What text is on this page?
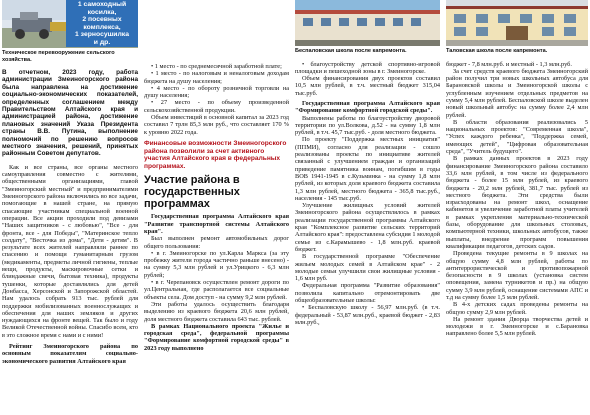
1 самоходный
косилка,
2 посевных
комплекса,
1 зерносушилка
и др.
Техническое перевооружение сельского хозяйства.
В отчетном, 2023 году, работа администрации Змеиногорского района была направлена на достижение социально-экономических показателей, определенных соглашением между Правительством Алтайского края и администрацией района, достижение плановых значений Указа Президента страны В.В. Путина, выполнение полномочий по решению вопросов местного значения, решений, принятых районным Советом депутатов.

Как и все страны, все органы местного самоуправления совместно с жителями, общественными организациями, главой "Змеиногорский местный" и предпринимателями Змеиногорского района включились во все задачи, помогающие в нашей стране, на прямую спасающие участникам специальной военной операции. Все акции проходили под девизами "Наших защитников - с любовью", "Все - для фронта, все - для Победы", "Материнское тепло солдату", "Весточка из дома", "Дети - детям". В результате всех жителей направляли раннее по спасению и помощи гуманитарным грузом (медикаменты, предметы личной гигиены, теплые вещи, продукты, маскировочные сетки и блиндажные свечи, бытовая техника), продукты тушенки, которые доставлялись для детей Донбасса, Херсонской и Запорожской областей. Нам удалось собрать 913 тыс. рублей для поддержки мобилизованных военнослужащих и обеспечения для наших земляков и других нуждающихся на фронте вещей. Так было и году Великой Отечественной войны. Спасибо всем, кто в это сложное время с нами и с ними!

Рейтинг Змеиногорского района по основным показателям социально-экономического развития Алтайского края

• 1 место - по среднемесячной заработной плате;

• 1 место - по налоговым и неналоговым доходам бюджета на душу населения;

• 4 место - по обороту розничной торговли на душу населения;

• 27 место - по объему произведенной сельскохозяйственной продукции.

Объем инвестиций в основной капитал за 2023 год составил 7 трлн 85,3 млн руб., что составляет 170 % к уровню 2022 года.

Финансовые возможности Змеиногорского района позволили за счет активного участия Алтайского края в федеральных программах.
Участие района в государственных программах

Государственная программа Алтайского края "Развитие транспортной системы Алтайского края".

Был выполнен ремонт автомобильных дорог общего пользования:

• в г. Змеиногорске по ул.Карла Маркса (за эту пробежку жители города частично раньше внесено) - на сумму 5,3 млн рублей и ул.Урицкого - 6,3 млн рублей;

• в г. Черепановск осуществлен ремонт дороги по ул.Центральная, где располагается все социальные объекты села. Дом доступ - на сумму 9,2 млн рублей.

Эти работы удалось осуществить благодаря выделению из краевого бюджета 20,6 млн рублей, доля местного бюджета составила 643 тыс. рублей.

В рамках Национального проекта "Жилье и городская среда", федеральной программы "Формирование комфортной городской среды" в 2023 году выполнено

Беспаловская школа после капремонта.

• благоустройству детской спортивно-игровой площадки и пешеходной зоны в г. Змеиногорске.

Объем финансирования двух проектов составил 10,5 млн рублей, в т.ч. местный бюджет 315,04 тыс.руб.

Государственная программа Алтайского края "Формирование комфортной городской среды".

Выполнены работы по благоустройству дворовой территории по ул.Волкова, д.52 - на сумму 1,8 млн рублей, в т.ч. 45,7 тыс.руб. - доля местного бюджета.

По проекту "Поддержка местных инициатив" (ППМИ), согласно для реализации - сошло реализованы проекты по инициативе жителей связанный с улучшением граждан и организаций приведение памятника воинам, погибшим в годы ВОВ 1941-1945 в с.Кузьминка - на сумму 1,8 млн рублей, из которых доля краевого бюджета составила 1,3 млн рублей, местного бюджета - 365,8 тыс.руб., населения - 145 тыс.руб.

Улучшение жилищных условий жителей Змеиногорского района осуществлялось в рамках реализации государственной программы Алтайского края "Комплексное развитие сельских территорий Алтайского края": предоставлена субсидия 1 молодой семье из с.Карамышево - 1,8 млн.руб. краевой бюджет.

В государственной программе "Обеспечение жильем молодых семей в Алтайском крае" - 2 молодые семьи улучшили свои жилищные условия - 1,6 млн руб.

Федеральная программа "Развитие образования" позволила капитально отремонтировать две общеобразовательные школы:

• Беспаловскую школу - 56,97 млн.руб. (в т.ч. федеральный - 53,87 млн.руб., краевой бюджет - 2,83 млн.руб.,

Таловская школа после капремонта.

бюджет - 7,8 млн.руб. и местный - 1,3 млн.руб.

За счет средств краевого бюджета Змеиногорский район получил три новых школьных автобуса для Барановской школы и Змеиногорской школы с углубленным изучением отдельных предметов на сумму 5,4 млн рублей. Беспаловской школе выделен новый школьный автобус на сумму более 2,4 млн рублей.

В области образования реализовались 5 национальных проектов: "Современная школа", "Успех каждого ребенка", "Поддержка семей, имеющих детей", "Цифровая образовательная среда", "Учитель будущего".

В рамках данных проектов в 2023 году финансирование Змеиногорского района составило 33,6 млн рублей, в том числе из федерального бюджета - более 15 млн рублей, из краевого бюджета - 20,2 млн рублей, 381,7 тыс. рублей из местного бюджета. Эти средства были израсходованы на ремонт школ, оснащение кабинетов и увеличение заработной платы учителей в рамках укрепления материально-технической базы, оборудование для школьных столовых, компьютерной техники, школьных автобусов, также выплаты, внедрение программ повышения квалификации педагогов, детских садов.

Проведена текущие ремонты в 9 школах на общую сумму 4,8 млн рублей, работы по антитеррористической и противопожарной безопасности в 9 школах (установка систем оповещения, замена турникетов и пр.) на общую сумму 3,9 млн рублей, оснащение системами АПС и т.д на сумму более 1,5 млн рублей.

В 4-х детских садах проведены ремонты на общую сумму 2,9 млн рублей.

На ремонт здания Дворца творчества детей и молодежи в г. Змеиногорске и с.Барановка направлено более 5,5 млн рублей.
